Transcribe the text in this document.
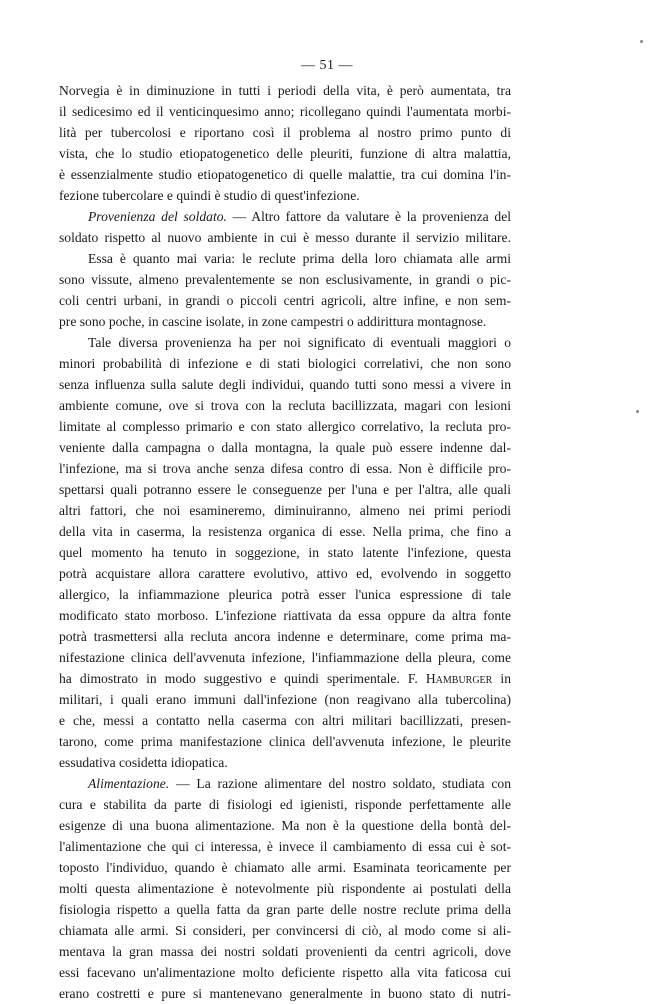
— 51 —
Norvegia è in diminuzione in tutti i periodi della vita, è però aumentata, tra
il sedicesimo ed il venticinquesimo anno; ricollegano quindi l'aumentata morbi-
lità per tubercolosi e riportano così il problema al nostro primo punto di
vista, che lo studio etiopatogenetico delle pleuriti, funzione di altra malattia,
è essenzialmente studio etiopatogenetico di quelle malattie, tra cui domina l'in-
fezione tubercolare e quindi è studio di quest'infezione.
Provenienza del soldato. — Altro fattore da valutare è la provenienza del
soldato rispetto al nuovo ambiente in cui è messo durante il servizio militare.
Essa è quanto mai varia: le reclute prima della loro chiamata alle armi
sono vissute, almeno prevalentemente se non esclusivamente, in grandi o pic-
coli centri urbani, in grandi o piccoli centri agricoli, altre infine, e non sem-
pre sono poche, in cascine isolate, in zone campestri o addirittura montagnose.
Tale diversa provenienza ha per noi significato di eventuali maggiori o
minori probabilità di infezione e di stati biologici correlativi, che non sono
senza influenza sulla salute degli individui, quando tutti sono messi a vivere in
ambiente comune, ove si trova con la recluta bacillizzata, magari con lesioni
limitate al complesso primario e con stato allergico correlativo, la recluta pro-
veniente dalla campagna o dalla montagna, la quale può essere indenne dal-
l'infezione, ma si trova anche senza difesa contro di essa. Non è difficile pro-
spettarsi quali potranno essere le conseguenze per l'una e per l'altra, alle quali
altri fattori, che noi esamineremo, diminuiranno, almeno nei primi periodi
della vita in caserma, la resistenza organica di esse. Nella prima, che fino a
quel momento ha tenuto in soggezione, in stato latente l'infezione, questa
potrà acquistare allora carattere evolutivo, attivo ed, evolvendo in soggetto
allergico, la infiammazione pleurica potrà esser l'unica espressione di tale
modificato stato morboso. L'infezione riattivata da essa oppure da altra fonte
potrà trasmettersi alla recluta ancora indenne e determinare, come prima ma-
nifestazione clinica dell'avvenuta infezione, l'infiammazione della pleura, come
ha dimostrato in modo suggestivo e quindi sperimentale. F. Hamburger in
militari, i quali erano immuni dall'infezione (non reagivano alla tubercolina)
e che, messi a contatto nella caserma con altri militari bacillizzati, presen-
tarono, come prima manifestazione clinica dell'avvenuta infezione, le pleurite
essudativa cosidetta idiopatica.
Alimentazione. — La razione alimentare del nostro soldato, studiata con
cura e stabilita da parte di fisiologi ed igienisti, risponde perfettamente alle
esigenze di una buona alimentazione. Ma non è la questione della bontà del-
l'alimentazione che qui ci interessa, è invece il cambiamento di essa cui è sot-
toposto l'individuo, quando è chiamato alle armi. Esaminata teoricamente per
molti questa alimentazione è notevolmente più rispondente ai postulati della
fisiologia rispetto a quella fatta da gran parte delle nostre reclute prima della
chiamata alle armi. Si consideri, per convincersi di ciò, al modo come si ali-
mentava la gran massa dei nostri soldati provenienti da centri agricoli, dove
essi facevano un'alimentazione molto deficiente rispetto alla vita faticosa cui
erano costretti e pure si mantenevano generalmente in buono stato di nutri-
